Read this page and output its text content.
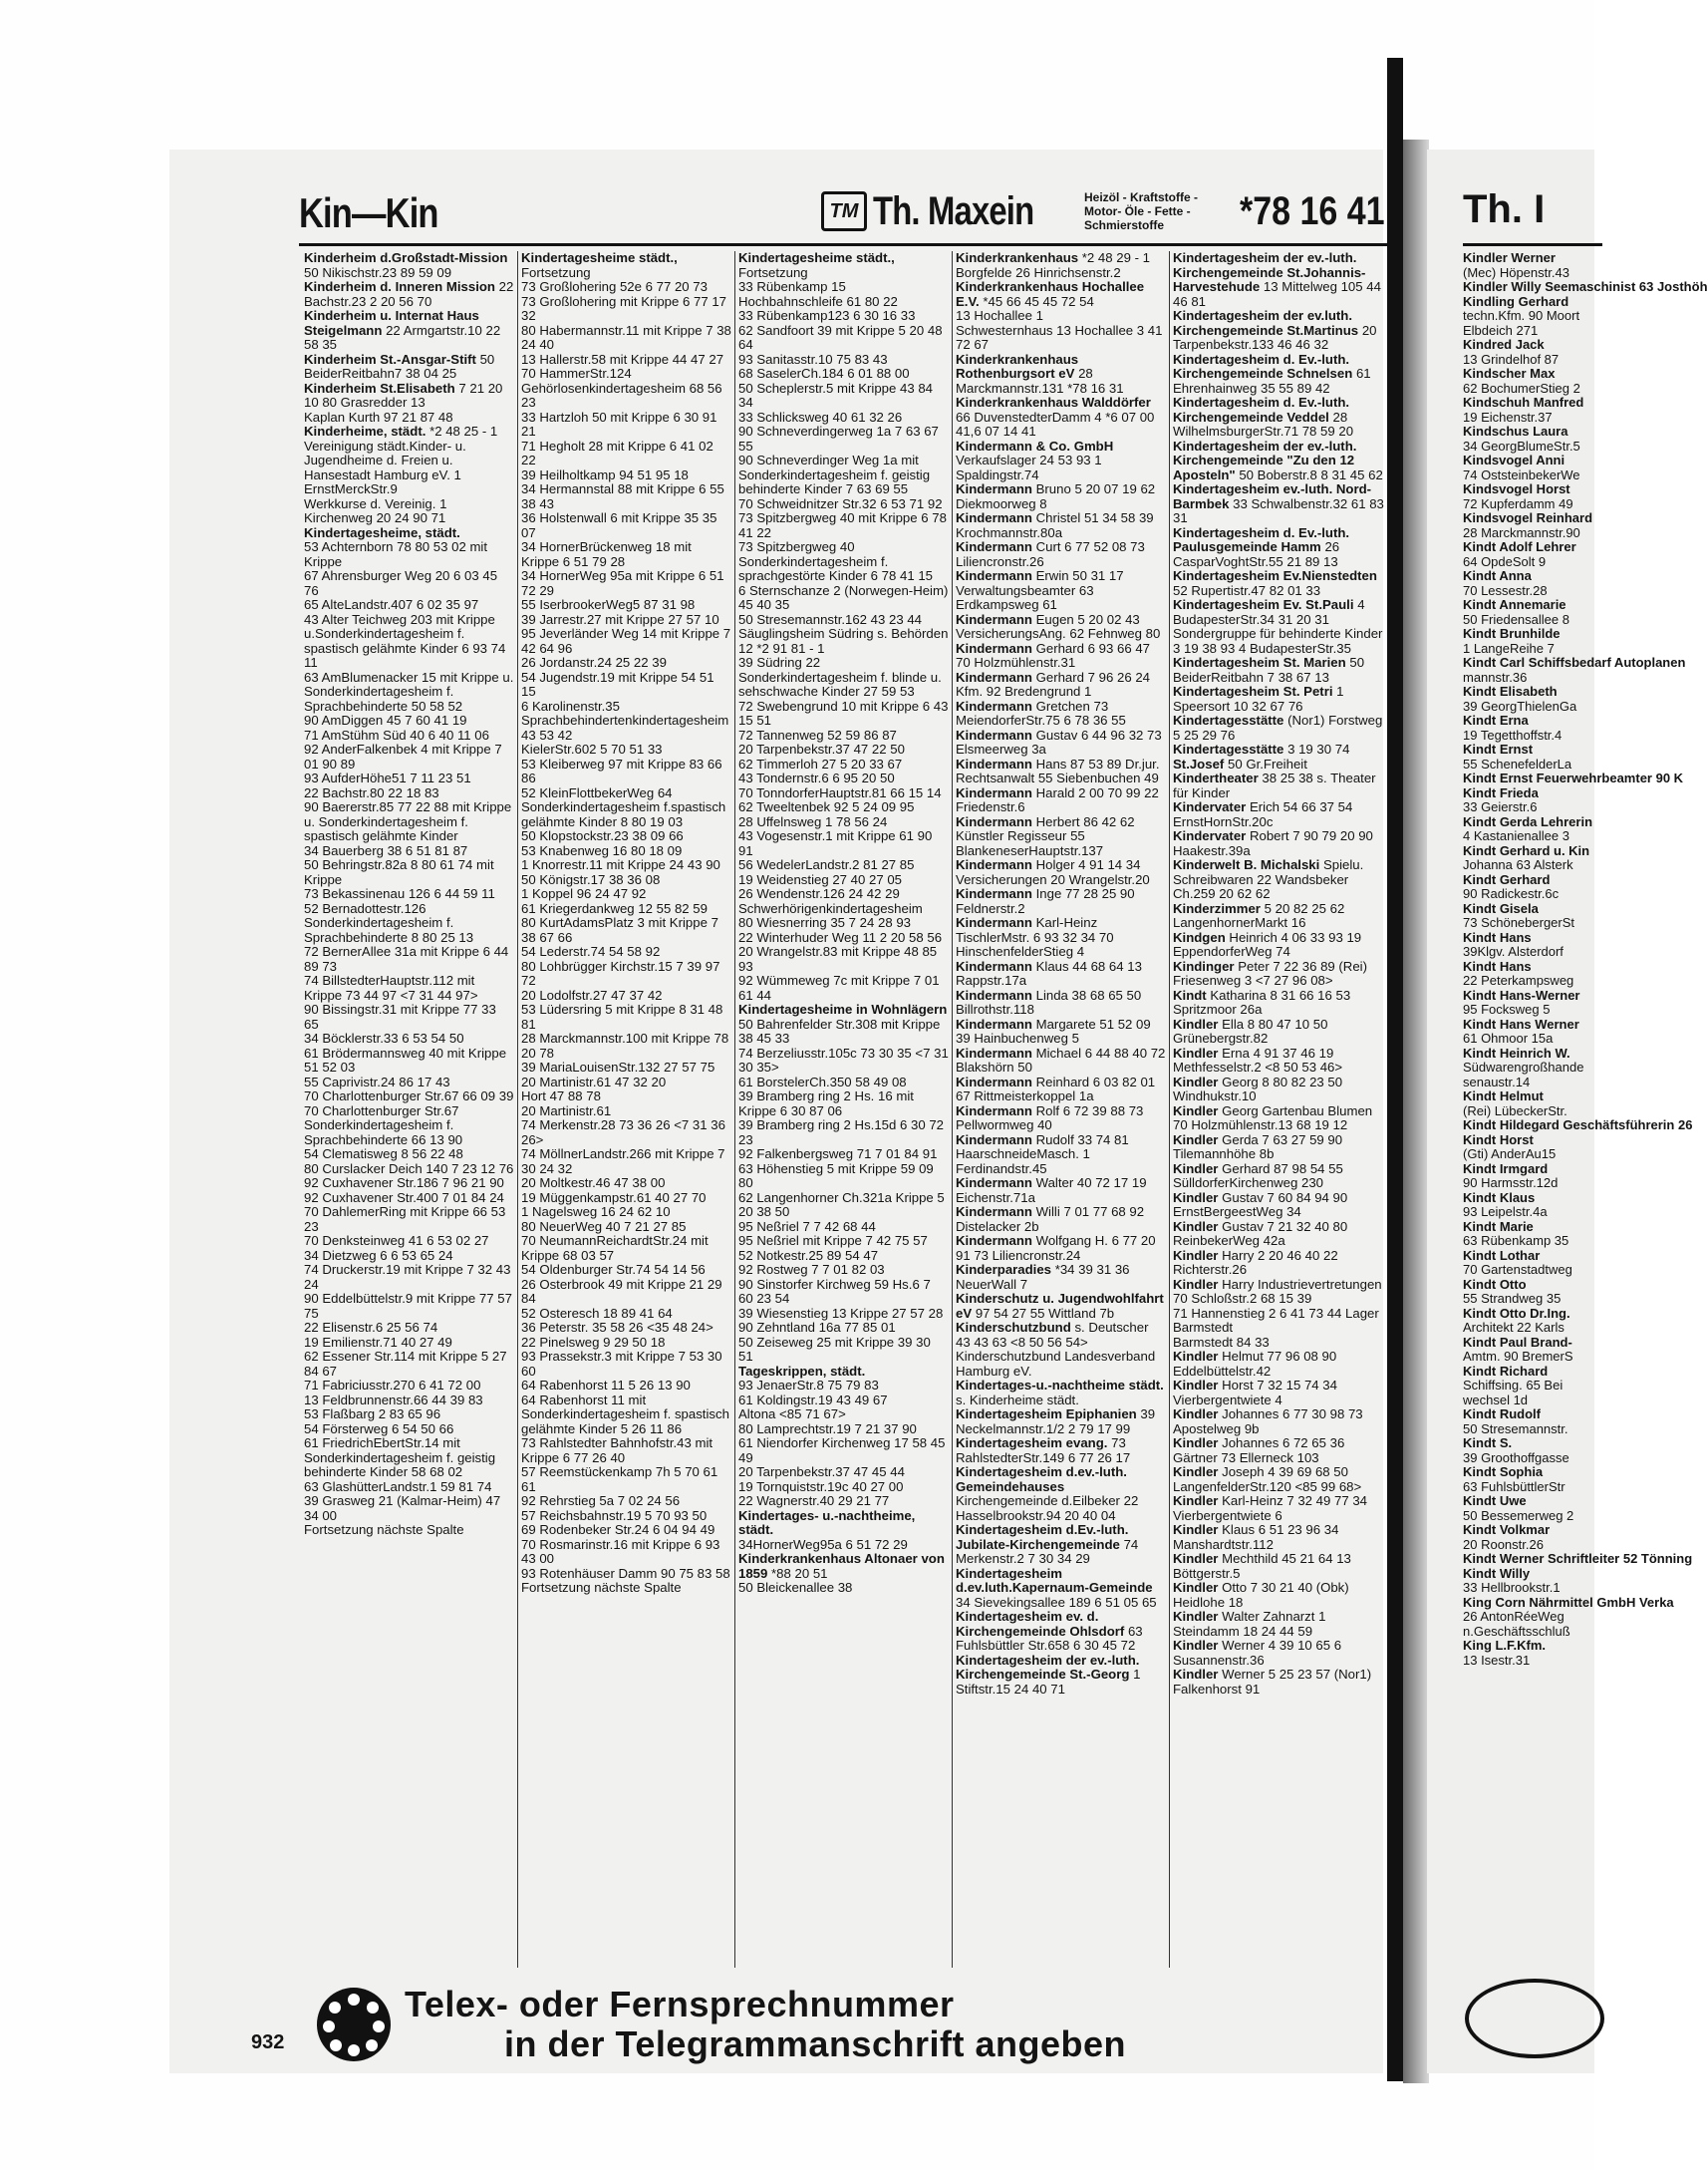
Kin—Kin	TM Th. Maxein	Heizöl - Kraftstoffe - Motor- Öle - Fette - Schmierstoffe	*78 16 41

Kinderheim d.Großstadt-Mission 50 Nikischstr.23 89 59 09

Kinderheim d. Inneren Mission 22 Bachstr.23 2 20 56 70

Kinderheim u. Internat Haus Steigelmann 22 Armgartstr.10 22 58 35

Kinderheim St.-Ansgar-Stift 50 BeiderReitbahn7 38 04 25

Kinderheim St.Elisabeth 7 21 20 10 80 Grasredder 13

Kaplan Kurth 97 21 87 48

Kinderheime, städt. *2 48 25 - 1 Vereinigung städt.Kinder- u. Jugendheime d. Freien u. Hansestadt Hamburg eV. 1 ErnstMerckStr.9

Werkkurse d. Vereinig. 1 Kirchenweg 20 24 90 71

Kindertagesheime, städt.

53 Achternborn 78 80 53 02 mit Krippe

67 Ahrensburger Weg 20 6 03 45 76

65 AlteLandstr.407 6 02 35 97

43 Alter Teichweg 203 mit Krippe u.Sonderkindertagesheim f. spastisch gelähmte Kinder 6 93 74 11

63 AmBlumenacker 15 mit Krippe u. Sonderkindertagesheim f. Sprachbehinderte 50 58 52

90 AmDiggen 45 7 60 41 19

71 AmStühm Süd 40 6 40 11 06

92 AnderFalkenbek 4 mit Krippe 7 01 90 89

93 AufderHöhe51 7 11 23 51

22 Bachstr.80 22 18 83

90 Baererstr.85 77 22 88 mit Krippe u. Sonderkindertagesheim f. spastisch gelähmte Kinder

34 Bauerberg 38 6 51 81 87

50 Behringstr.82a 8 80 61 74 mit Krippe

73 Bekassinenau 126 6 44 59 11

52 Bernadottestr.126 Sonderkindertagesheim f. Sprachbehinderte 8 80 25 13

72 BernerAllee 31a mit Krippe 6 44 89 73

74 BillstedterHauptstr.112 mit Krippe 73 44 97 <7 31 44 97>

90 Bissingstr.31 mit Krippe 77 33 65

34 Böcklerstr.33 6 53 54 50

61 Brödermannsweg 40 mit Krippe 51 52 03

55 Caprivistr.24 86 17 43

70 Charlottenburger Str.67 66 09 39

70 Charlottenburger Str.67 Sonderkindertagesheim f. Sprachbehinderte 66 13 90

54 Clematisweg 8 56 22 48

80 Curslacker Deich 140 7 23 12 76

92 Cuxhavener Str.186 7 96 21 90

92 Cuxhavener Str.400 7 01 84 24

70 DahlemerRing mit Krippe 66 53 23

70 Denksteinweg 41 6 53 02 27

34 Dietzweg 6 6 53 65 24

74 Druckerstr.19 mit Krippe 7 32 43 24

90 Eddelbüttelstr.9 mit Krippe 77 57 75

22 Elisenstr.6 25 56 74

19 Emilienstr.71 40 27 49

62 Essener Str.114 mit Krippe 5 27 84 67

71 Fabriciusstr.270 6 41 72 00

13 Feldbrunnenstr.66 44 39 83

53 Flaßbarg 2 83 65 96

54 Försterweg 6 54 50 66

61 FriedrichEbertStr.14 mit Sonderkindertagesheim f. geistig behinderte Kinder 58 68 02

63 GlashütterLandstr.1 59 81 74

39 Grasweg 21 (Kalmar-Heim) 47 34 00

Fortsetzung nächste Spalte

Kindertagesheime städt., Fortsetzung

73 Großlohering 52e 6 77 20 73

73 Großlohering mit Krippe 6 77 17 32

80 Habermannstr.11 mit Krippe 7 38 24 40

13 Hallerstr.58 mit Krippe 44 47 27

70 HammerStr.124 Gehörlosenkindertagesheim 68 56 23

33 Hartzloh 50 mit Krippe 6 30 91 21

71 Hegholt 28 mit Krippe 6 41 02 22

39 Heilholtkamp 94 51 95 18

34 Hermannstal 88 mit Krippe 6 55 38 43

36 Holstenwall 6 mit Krippe 35 35 07

34 HornerBrückenweg 18 mit Krippe 6 51 79 28

34 HornerWeg 95a mit Krippe 6 51 72 29

55 IserbrookerWeg5 87 31 98

39 Jarrestr.27 mit Krippe 27 57 10

95 Jeverländer Weg 14 mit Krippe 7 42 64 96

26 Jordanstr.24 25 22 39

54 Jugendstr.19 mit Krippe 54 51 15

6 Karolinenstr.35 Sprachbehindertenkindertagesheim 43 53 42

KielerStr.602 5 70 51 33

53 Kleiberweg 97 mit Krippe 83 66 86

52 KleinFlottbekerWeg 64 Sonderkindertagesheim f.spastisch gelähmte Kinder 8 80 19 03

50 Klopstockstr.23 38 09 66

53 Knabenweg 16 80 18 09

1 Knorrestr.11 mit Krippe 24 43 90

50 Königstr.17 38 36 08

1 Koppel 96 24 47 92

61 Kriegerdankweg 12 55 82 59

80 KurtAdamsPlatz 3 mit Krippe 7 38 67 66

54 Lederstr.74 54 58 92

80 Lohbrügger Kirchstr.15 7 39 97 72

20 Lodolfstr.27 47 37 42

53 Lüdersring 5 mit Krippe 8 31 48 81

28 Marckmannstr.100 mit Krippe 78 20 78

39 MariaLouisenStr.132 27 57 75

20 Martinistr.61 47 32 20

Hort 47 88 78

20 Martinistr.61

74 Merkenstr.28 73 36 26 <7 31 36 26>

74 MöllnerLandstr.266 mit Krippe 7 30 24 32

20 Moltkestr.46 47 38 00

19 Müggenkampstr.61 40 27 70

1 Nagelsweg 16 24 62 10

80 NeuerWeg 40 7 21 27 85

70 NeumannReichardtStr.24 mit Krippe 68 03 57

54 Oldenburger Str.74 54 14 56

26 Osterbrook 49 mit Krippe 21 29 84

52 Osteresch 18 89 41 64

36 Peterstr. 35 58 26 <35 48 24>

22 Pinelsweg 9 29 50 18

93 Prassekstr.3 mit Krippe 7 53 30 60

64 Rabenhorst 11 5 26 13 90

64 Rabenhorst 11 mit Sonderkindertagesheim f. spastisch gelähmte Kinder 5 26 11 86

73 Rahlstedter Bahnhofstr.43 mit Krippe 6 77 26 40

57 Reemstückenkamp 7h 5 70 61 61

92 Rehrstieg 5a 7 02 24 56

57 Reichsbahnstr.19 5 70 93 50

69 Rodenbeker Str.24 6 04 94 49

70 Rosmarinstr.16 mit Krippe 6 93 43 00

93 Rotenhäuser Damm 90 75 83 58

Fortsetzung nächste Spalte

Kindertagesheime städt., Fortsetzung

33 Rübenkamp 15 Hochbahnschleife 61 80 22

33 Rübenkamp123 6 30 16 33

62 Sandfoort 39 mit Krippe 5 20 48 64

93 Sanitasstr.10 75 83 43

68 SaselerCh.184 6 01 88 00

50 Scheplerstr.5 mit Krippe 43 84 34

33 Schlicksweg 40 61 32 26

90 Schneverdingerweg 1a 7 63 67 55

90 Schneverdinger Weg 1a mit Sonderkindertagesheim f. geistig behinderte Kinder 7 63 69 55

70 Schweidnitzer Str.32 6 53 71 92

73 Spitzbergweg 40 mit Krippe 6 78 41 22

73 Spitzbergweg 40 Sonderkindertagesheim f. sprachgestörte Kinder 6 78 41 15

6 Sternschanze 2 (Norwegen-Heim) 45 40 35

50 Stresemannstr.162 43 23 44

Säuglingsheim Südring s. Behörden 12 *2 91 81 - 1

39 Südring 22 Sonderkindertagesheim f. blinde u. sehschwache Kinder 27 59 53

72 Swebengrund 10 mit Krippe 6 43 15 51

72 Tannenweg 52 59 86 87

20 Tarpenbekstr.37 47 22 50

62 Timmerloh 27 5 20 33 67

43 Tondernstr.6 6 95 20 50

70 TonndorferHauptstr.81 66 15 14

62 Tweeltenbek 92 5 24 09 95

28 Uffelnsweg 1 78 56 24

43 Vogesenstr.1 mit Krippe 61 90 91

56 WedelerLandstr.2 81 27 85

19 Weidenstieg 27 40 27 05

26 Wendenstr.126 24 42 29

Schwerhörigenkindertagesheim

80 Wiesnerring 35 7 24 28 93

22 Winterhuder Weg 11 2 20 58 56

20 Wrangelstr.83 mit Krippe 48 85 93

92 Wümmeweg 7c mit Krippe 7 01 61 44

Kindertagesheime in Wohnlägern

50 Bahrenfelder Str.308 mit Krippe 38 45 33

74 Berzeliusstr.105c 73 30 35 <7 31 30 35>

61 BorstelerCh.350 58 49 08

39 Bramberg ring 2 Hs. 16 mit Krippe 6 30 87 06

39 Bramberg ring 2 Hs.15d 6 30 72 23

92 Falkenbergsweg 71 7 01 84 91

63 Höhenstieg 5 mit Krippe 59 09 80

62 Langenhorner Ch.321a Krippe 5 20 38 50

95 Neßriel 7 7 42 68 44

95 Neßriel mit Krippe 7 42 75 57

52 Notkestr.25 89 54 47

92 Rostweg 7 7 01 82 03

90 Sinstorfer Kirchweg 59 Hs.6 7 60 23 54

39 Wiesenstieg 13 Krippe 27 57 28

90 Zehntland 16a 77 85 01

50 Zeiseweg 25 mit Krippe 39 30 51

Tageskrippen, städt.

93 JenaerStr.8 75 79 83

61 Koldingstr.19 43 49 67

Altona <85 71 67>

80 Lamprechtstr.19 7 21 37 90

61 Niendorfer Kirchenweg 17 58 45 49

20 Tarpenbekstr.37 47 45 44

19 Tornquiststr.19c 40 27 00

22 Wagnerstr.40 29 21 77

Kindertages- u.-nachtheime, städt.

34HornerWeg95a 6 51 72 29

Kinderkrankenhaus Altonaer von 1859 *88 20 51

50 Bleickenallee 38

Kinderkrankenhaus *2 48 29 - 1 Borgfelde 26 Hinrichsenstr.2

Kinderkrankenhaus Hochallee E.V. *45 66 45 45 72 54

13 Hochallee 1

Schwesternhaus 13 Hochallee 3 41 72 67

Kinderkrankenhaus Rothenburgsort eV 28 Marckmannstr.131 *78 16 31

Kinderkrankenhaus Walddörfer 66 DuvenstedterDamm 4 *6 07 00 41,6 07 14 41

Kindermann & Co. GmbH Verkaufslager 24 53 93 1 Spaldingstr.74

Kindermann Bruno 5 20 07 19 62 Diekmoorweg 8

Kindermann Christel 51 34 58 39 Krochmannstr.80a

Kindermann Curt 6 77 52 08 73 Liliencronstr.26

Kindermann Erwin 50 31 17 Verwaltungsbeamter 63 Erdkampsweg 61

Kindermann Eugen 5 20 02 43 VersicherungsAng. 62 Fehnweg 80

Kindermann Gerhard 6 93 66 47 70 Holzmühlenstr.31

Kindermann Gerhard 7 96 26 24 Kfm. 92 Bredengrund 1

Kindermann Gretchen 73 MeiendorferStr.75 6 78 36 55

Kindermann Gustav 6 44 96 32 73 Elsmeerweg 3a

Kindermann Hans 87 53 89 Dr.jur. Rechtsanwalt 55 Siebenbuchen 49

Kindermann Harald 2 00 70 99 22 Friedenstr.6

Kindermann Herbert 86 42 62 Künstler Regisseur 55 BlankeneserHauptstr.137

Kindermann Holger 4 91 14 34 Versicherungen 20 Wrangelstr.20

Kindermann Inge 77 28 25 90 Feldnerstr.2

Kindermann Karl-Heinz TischlerMstr. 6 93 32 34 70 HinschenfelderStieg 4

Kindermann Klaus 44 68 64 13 Rappstr.17a

Kindermann Linda 38 68 65 50 Billrothstr.118

Kindermann Margarete 51 52 09 39 Hainbuchenweg 5

Kindermann Michael 6 44 88 40 72 Blakshörn 50

Kindermann Reinhard 6 03 82 01 67 Rittmeisterkoppel 1a

Kindermann Rolf 6 72 39 88 73 Pellwormweg 40

Kindermann Rudolf 33 74 81 HaarschneideMasch. 1 Ferdinandstr.45

Kindermann Walter 40 72 17 19 Eichenstr.71a

Kindermann Willi 7 01 77 68 92 Distelacker 2b

Kindermann Wolfgang H. 6 77 20 91 73 Liliencronstr.24

Kinderparadies *34 39 31 36 NeuerWall 7

Kinderschutz u. Jugendwohlfahrt eV 97 54 27 55 Wittland 7b

Kinderschutzbund s. Deutscher 43 43 63 <8 50 56 54> Kinderschutzbund Landesverband Hamburg eV.

Kindertages-u.-nachtheime städt. s. Kinderheime städt.

Kindertagesheim Epiphanien 39 Neckelmannstr.1/2 2 79 17 99

Kindertagesheim evang. 73 RahlstedterStr.149 6 77 26 17

Kindertagesheim d.ev.-luth. Gemeindehauses Kirchengemeinde d.Eilbeker 22 Hasselbrookstr.94 20 40 04

Kindertagesheim d.Ev.-luth. Jubilate-Kirchengemeinde 74 Merkenstr.2 7 30 34 29

Kindertagesheim d.ev.luth.Kapernaum-Gemeinde 34 Sievekingsallee 189 6 51 05 65

Kindertagesheim ev. d. Kirchengemeinde Ohlsdorf 63 Fuhlsbüttler Str.658 6 30 45 72

Kindertagesheim der ev.-luth. Kirchengemeinde St.-Georg 1 Stiftstr.15 24 40 71

Kindertagesheim der ev.-luth. Kirchengemeinde St.Johannis-Harvestehude 13 Mittelweg 105 44 46 81

Kindertagesheim der ev.luth. Kirchengemeinde St.Martinus 20 Tarpenbekstr.133 46 46 32

Kindertagesheim d. Ev.-luth. Kirchengemeinde Schnelsen 61 Ehrenhainweg 35 55 89 42

Kindertagesheim d. Ev.-luth. Kirchengemeinde Veddel 28 WilhelmsburgerStr.71 78 59 20

Kindertagesheim der ev.-luth. Kirchengemeinde "Zu den 12 Aposteln" 50 Boberstr.8 8 31 45 62

Kindertagesheim ev.-luth. Nord-Barmbek 33 Schwalbenstr.32 61 83 31

Kindertagesheim d. Ev.-luth. Paulusgemeinde Hamm 26 CasparVoghtStr.55 21 89 13

Kindertagesheim Ev.Nienstedten 52 Rupertistr.47 82 01 33

Kindertagesheim Ev. St.Pauli 4 BudapesterStr.34 31 20 31 Sondergruppe für behinderte Kinder 3 19 38 93 4 BudapesterStr.35

Kindertagesheim St. Marien 50 BeiderReitbahn 7 38 67 13

Kindertagesheim St. Petri 1 Speersort 10 32 67 76

Kindertagesstätte (Nor1) Forstweg 5 25 29 76

Kindertagesstätte 3 19 30 74

St.Josef 50 Gr.Freiheit

Kindertheater 38 25 38 s. Theater für Kinder

Kindervater Erich 54 66 37 54 ErnstHornStr.20c

Kindervater Robert 7 90 79 20 90 Haakestr.39a

Kinderwelt B. Michalski Spielu. Schreibwaren 22 Wandsbeker Ch.259 20 62 62

Kinderzimmer 5 20 82 25 62 LangenhornerMarkt 16

Kindgen Heinrich 4 06 33 93 19 EppendorferWeg 74

Kindinger Peter 7 22 36 89 (Rei) Friesenweg 3 <7 27 96 08>

Kindt Katharina 8 31 66 16 53 Spritzmoor 26a

Kindler Ella 8 80 47 10 50 Grünebergstr.82

Kindler Erna 4 91 37 46 19 Methfesselstr.2 <8 50 53 46>

Kindler Georg 8 80 82 23 50 Windhukstr.10

Kindler Georg Gartenbau Blumen 70 Holzmühlenstr.13 68 19 12

Kindler Gerda 7 63 27 59 90 Tilemannhöhe 8b

Kindler Gerhard 87 98 54 55 SülldorferKirchenweg 230

Kindler Gustav 7 60 84 94 90 ErnstBergeestWeg 34

Kindler Gustav 7 21 32 40 80 ReinbekerWeg 42a

Kindler Harry 2 20 46 40 22 Richterstr.26

Kindler Harry Industrievertretungen 70 Schloßstr.2 68 15 39

71 Hannenstieg 2 6 41 73 44 Lager Barmstedt

Barmstedt 84 33

Kindler Helmut 77 96 08 90 Eddelbüttelstr.42

Kindler Horst 7 32 15 74 34 Vierbergentwiete 4

Kindler Johannes 6 77 30 98 73 Apostelweg 9b

Kindler Johannes 6 72 65 36 Gärtner 73 Ellerneck 103

Kindler Joseph 4 39 69 68 50 LangenfelderStr.120 <85 99 68>

Kindler Karl-Heinz 7 32 49 77 34 Vierbergentwiete 6

Kindler Klaus 6 51 23 96 34 Manshardtstr.112

Kindler Mechthild 45 21 64 13 Böttgerstr.5

Kindler Otto 7 30 21 40 (Obk) Heidlohe 18

Kindler Walter Zahnarzt 1 Steindamm 18 24 44 59

Kindler Werner 4 39 10 65 6 Susannenstr.36

Kindler Werner 5 25 23 57 (Nor1) Falkenhorst 91

Telex- oder Fernsprechnummer
in der Telegrammanschrift angeben
932
Th. I
Kindler Werner
(Mec) Höpenstr.43
Kindler Willy Seemaschinist 63 Josthöh
Kindling Gerhard
techn.Kfm. 90 Moort
Elbdeich 271
Kindred Jack
13 Grindelhof 87
Kindscher Max
62 BochumerStieg 2
Kindschuh Manfred
19 Eichenstr.37
Kindschus Laura
34 GeorgBlumeStr.5
Kindsvogel Anni
74 OststeinbekerWe
Kindsvogel Horst
72 Kupferdamm 49
Kindsvogel Reinhard
28 Marckmannstr.90
Kindt Adolf Lehrer
64 OpdeSolt 9
Kindt Anna
70 Lessestr.28
Kindt Annemarie
50 Friedensallee 8
Kindt Brunhilde
1 LangeReihe 7
Kindt Carl Schiffsbedarf Autoplanen
mannstr.36
Kindt Elisabeth
39 GeorgThielenGa
Kindt Erna
19 Tegetthoffstr.4
Kindt Ernst
55 SchenefelderLa
Kindt Ernst Feuerwehrbeamter 90 K
Kindt Frieda
33 Geierstr.6
Kindt Gerda Lehrerin
4 Kastanienallee 3
Kindt Gerhard u. Kin
Johanna 63 Alsterk
Kindt Gerhard
90 Radickestr.6c
Kindt Gisela
73 SchönebergerSt
Kindt Hans
39Klgv. Alsterdorf
Kindt Hans
22 Peterkampsweg
Kindt Hans-Werner
95 Focksweg 5
Kindt Hans Werner
61 Ohmoor 15a
Kindt Heinrich W.
Südwarengroßhande
senaustr.14
Kindt Helmut
(Rei) LübeckerStr.
Kindt Hildegard Geschäftsführerin 26
Kindt Horst
(Gti) AnderAu15
Kindt Irmgard
90 Harmsstr.12d
Kindt Klaus
93 Leipelstr.4a
Kindt Marie
63 Rübenkamp 35
Kindt Lothar
70 Gartenstadtweg
Kindt Otto
55 Strandweg 35
Kindt Otto Dr.Ing.
Architekt 22 Karls
Kindt Paul Brand-
Amtm. 90 BremerS
Kindt Richard
Schiffsing. 65 Bei
wechsel 1d
Kindt Rudolf
50 Stresemannstr.
Kindt S.
39 Groothoffgasse
Kindt Sophia
63 FuhlsbüttlerStr
Kindt Uwe
50 Bessemerweg 2
Kindt Volkmar
20 Roonstr.26
Kindt Werner Schriftleiter 52 Tönning
Kindt Willy
33 Hellbrookstr.1
King Corn Nährmittel GmbH Verka
26 AntonRéeWeg
n.Geschäftsschluß
King L.F.Kfm.
13 Isestr.31
